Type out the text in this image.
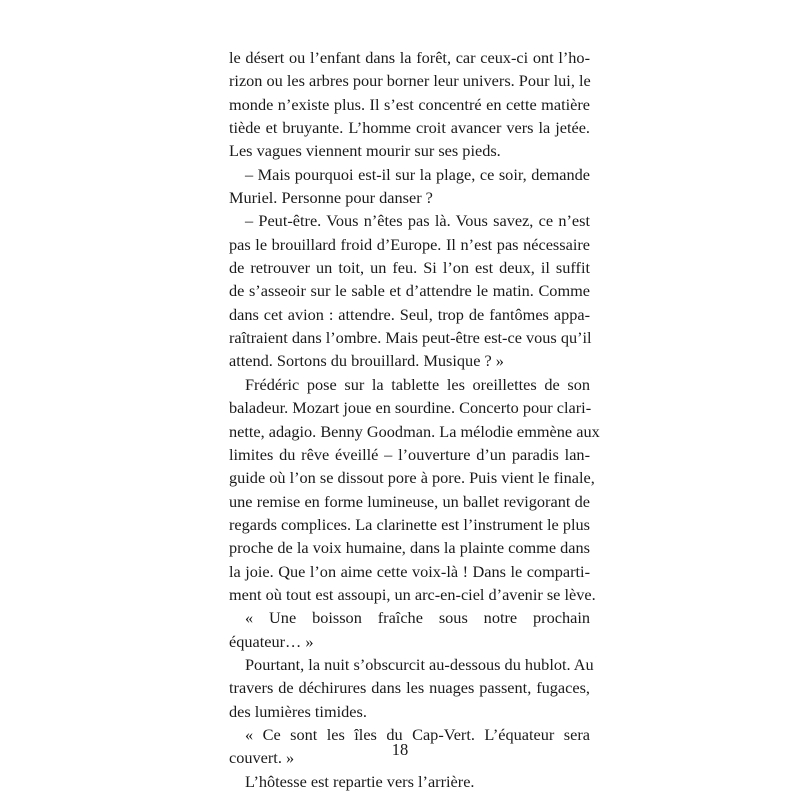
le désert ou l’enfant dans la forêt, car ceux-ci ont l’ho-
rizon ou les arbres pour borner leur univers. Pour lui, le
monde n’existe plus. Il s’est concentré en cette matière
tiède et bruyante. L’homme croit avancer vers la jetée.
Les vagues viennent mourir sur ses pieds.
– Mais pourquoi est-il sur la plage, ce soir, demande
Muriel. Personne pour danser ?
– Peut-être. Vous n’êtes pas là. Vous savez, ce n’est
pas le brouillard froid d’Europe. Il n’est pas nécessaire
de retrouver un toit, un feu. Si l’on est deux, il suffit
de s’asseoir sur le sable et d’attendre le matin. Comme
dans cet avion : attendre. Seul, trop de fantômes appa-
raîtraient dans l’ombre. Mais peut-être est-ce vous qu’il
attend. Sortons du brouillard. Musique ? »
Frédéric pose sur la tablette les oreillettes de son
baladeur. Mozart joue en sourdine. Concerto pour clari-
nette, adagio. Benny Goodman. La mélodie emmène aux
limites du rêve éveillé – l’ouverture d’un paradis lan-
guide où l’on se dissout pore à pore. Puis vient le finale,
une remise en forme lumineuse, un ballet revigorant de
regards complices. La clarinette est l’instrument le plus
proche de la voix humaine, dans la plainte comme dans
la joie. Que l’on aime cette voix-là ! Dans le comparti-
ment où tout est assoupi, un arc-en-ciel d’avenir se lève.
« Une boisson fraîche sous notre prochain
équateur… »
Pourtant, la nuit s’obscurcit au-dessous du hublot. Au
travers de déchirures dans les nuages passent, fugaces,
des lumières timides.
« Ce sont les îles du Cap-Vert. L’équateur sera
couvert. »
L’hôtesse est repartie vers l’arrière.
18
